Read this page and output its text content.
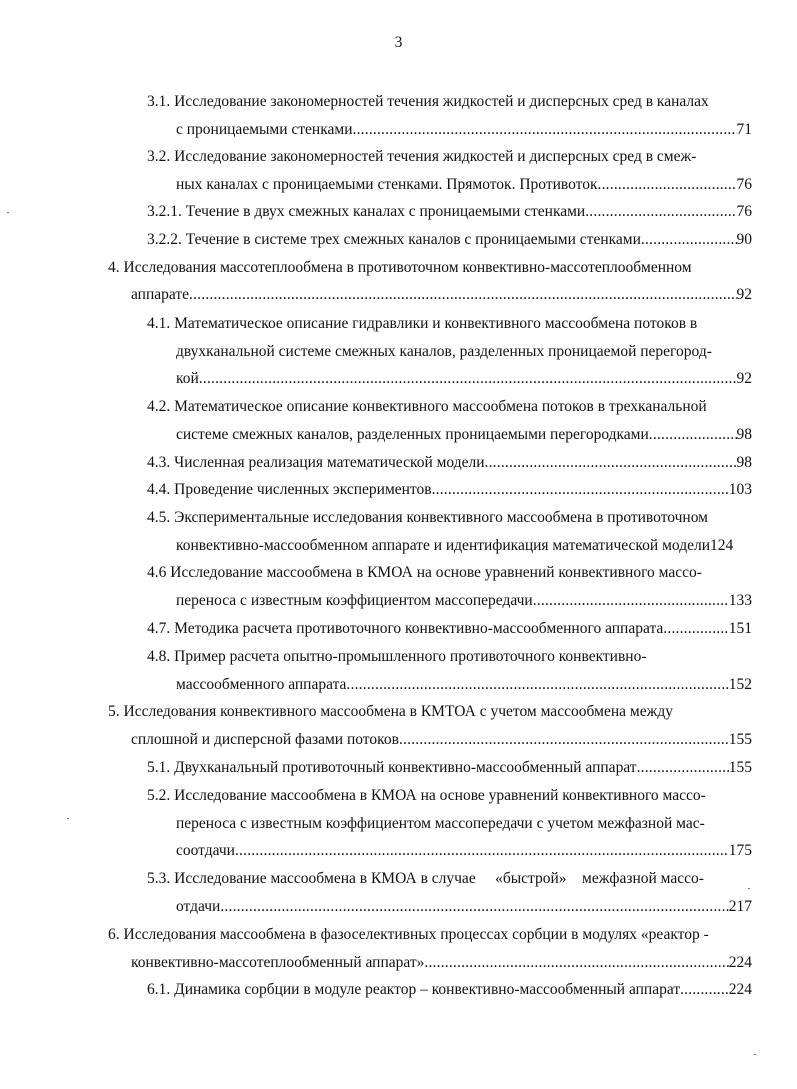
3
3.1. Исследование закономерностей течения жидкостей и дисперсных сред в каналах
с проницаемыми стенками .....	71
3.2. Исследование закономерностей течения жидкостей и дисперсных сред в смеж-
ных каналах с проницаемыми стенками. Прямоток. Противоток .....	76
3.2.1. Течение в двух смежных каналах с проницаемыми стенками .....	76
3.2.2. Течение в системе трех смежных каналов с проницаемыми стенками .....	90
4. Исследования массотеплообмена в противоточном конвективно-массотеплообменном
аппарате .....	92
4.1. Математическое описание гидравлики и конвективного массообмена потоков в
двухканальной системе смежных каналов, разделенных проницаемой перегород-
кой .....	92
4.2. Математическое описание конвективного массообмена потоков в трехканальной
системе смежных каналов, разделенных проницаемыми перегородками .....	98
4.3. Численная реализация математической модели .....	98
4.4. Проведение численных экспериментов .....	103
4.5. Экспериментальные исследования конвективного массообмена в противоточном
конвективно-массообменном аппарате и идентификация математической модели 124
4.6 Исследование массообмена в КМОА на основе уравнений конвективного массо-
переноса с известным коэффициентом массопередачи .....	133
4.7. Методика расчета противоточного конвективно-массообменного аппарата .....	151
4.8. Пример расчета опытно-промышленного противоточного конвективно-
массообменного аппарата .....	152
5. Исследования конвективного массообмена в КМТОА с учетом массообмена между
сплошной и дисперсной фазами потоков .....	155
5.1. Двухканальный противоточный конвективно-массообменный аппарат .....	155
5.2. Исследование массообмена в КМОА на основе уравнений конвективного массо-
переноса с известным коэффициентом массопередачи с учетом межфазной мас-
соотдачи .....	175
5.3. Исследование массообмена в КМОА в случае     «быстрой»    межфазной массо-
отдачи .....	217
6. Исследования массообмена в фазоселективных процессах сорбции в модулях «реактор -
конвективно-массотеплообменный аппарат» .....	224
6.1. Динамика сорбции в модуле реактор – конвективно-массообменный аппарат .....	224
